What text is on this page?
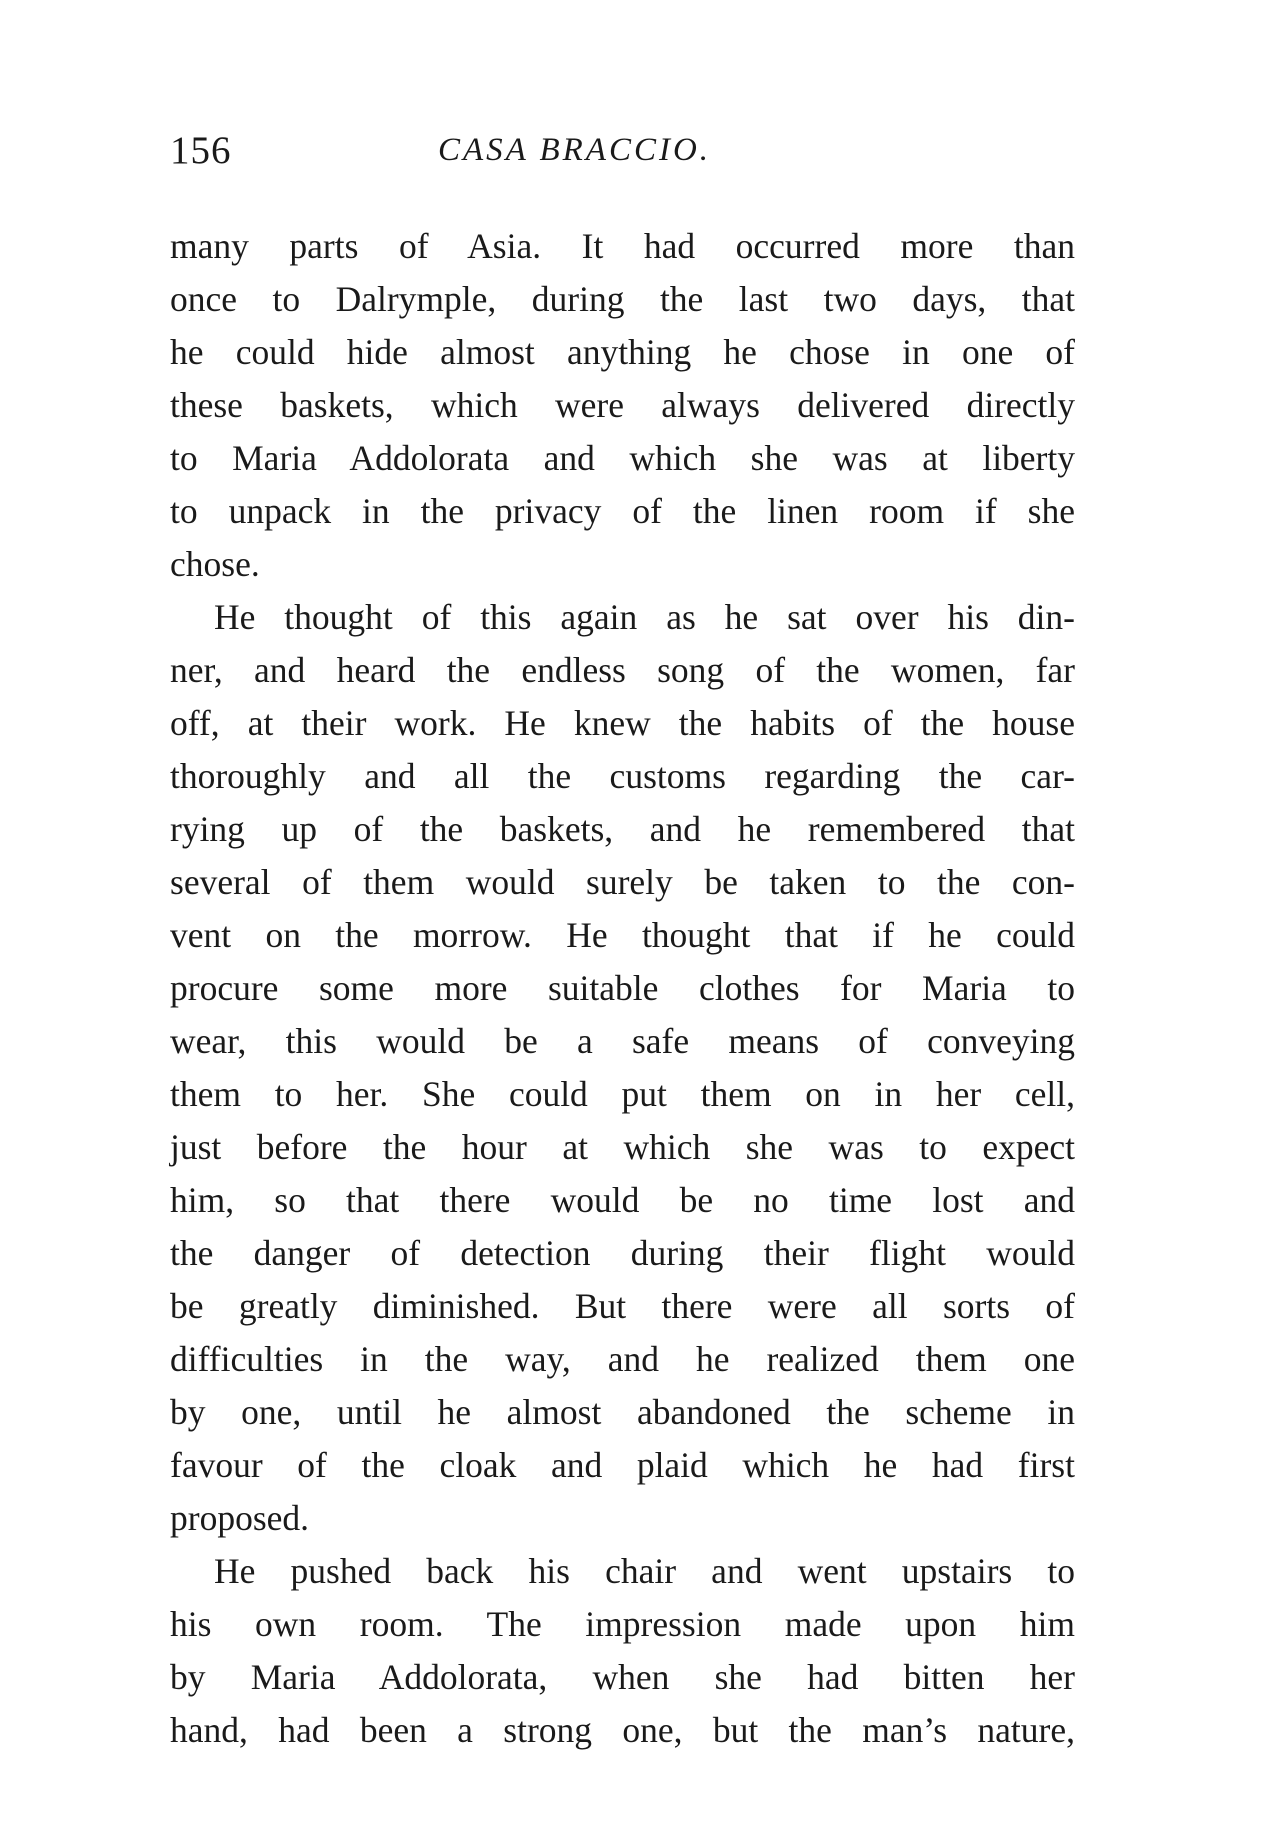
156	CASA BRACCIO.
many parts of Asia. It had occurred more than
once to Dalrymple, during the last two days, that
he could hide almost anything he chose in one of
these baskets, which were always delivered directly
to Maria Addolorata and which she was at liberty
to unpack in the privacy of the linen room if she
chose.
He thought of this again as he sat over his din-
ner, and heard the endless song of the women, far
off, at their work. He knew the habits of the house
thoroughly and all the customs regarding the car-
rying up of the baskets, and he remembered that
several of them would surely be taken to the con-
vent on the morrow. He thought that if he could
procure some more suitable clothes for Maria to
wear, this would be a safe means of conveying
them to her. She could put them on in her cell,
just before the hour at which she was to expect
him, so that there would be no time lost and
the danger of detection during their flight would
be greatly diminished. But there were all sorts of
difficulties in the way, and he realized them one
by one, until he almost abandoned the scheme in
favour of the cloak and plaid which he had first
proposed.
He pushed back his chair and went upstairs to
his own room. The impression made upon him
by Maria Addolorata, when she had bitten her
hand, had been a strong one, but the man’s nature,
